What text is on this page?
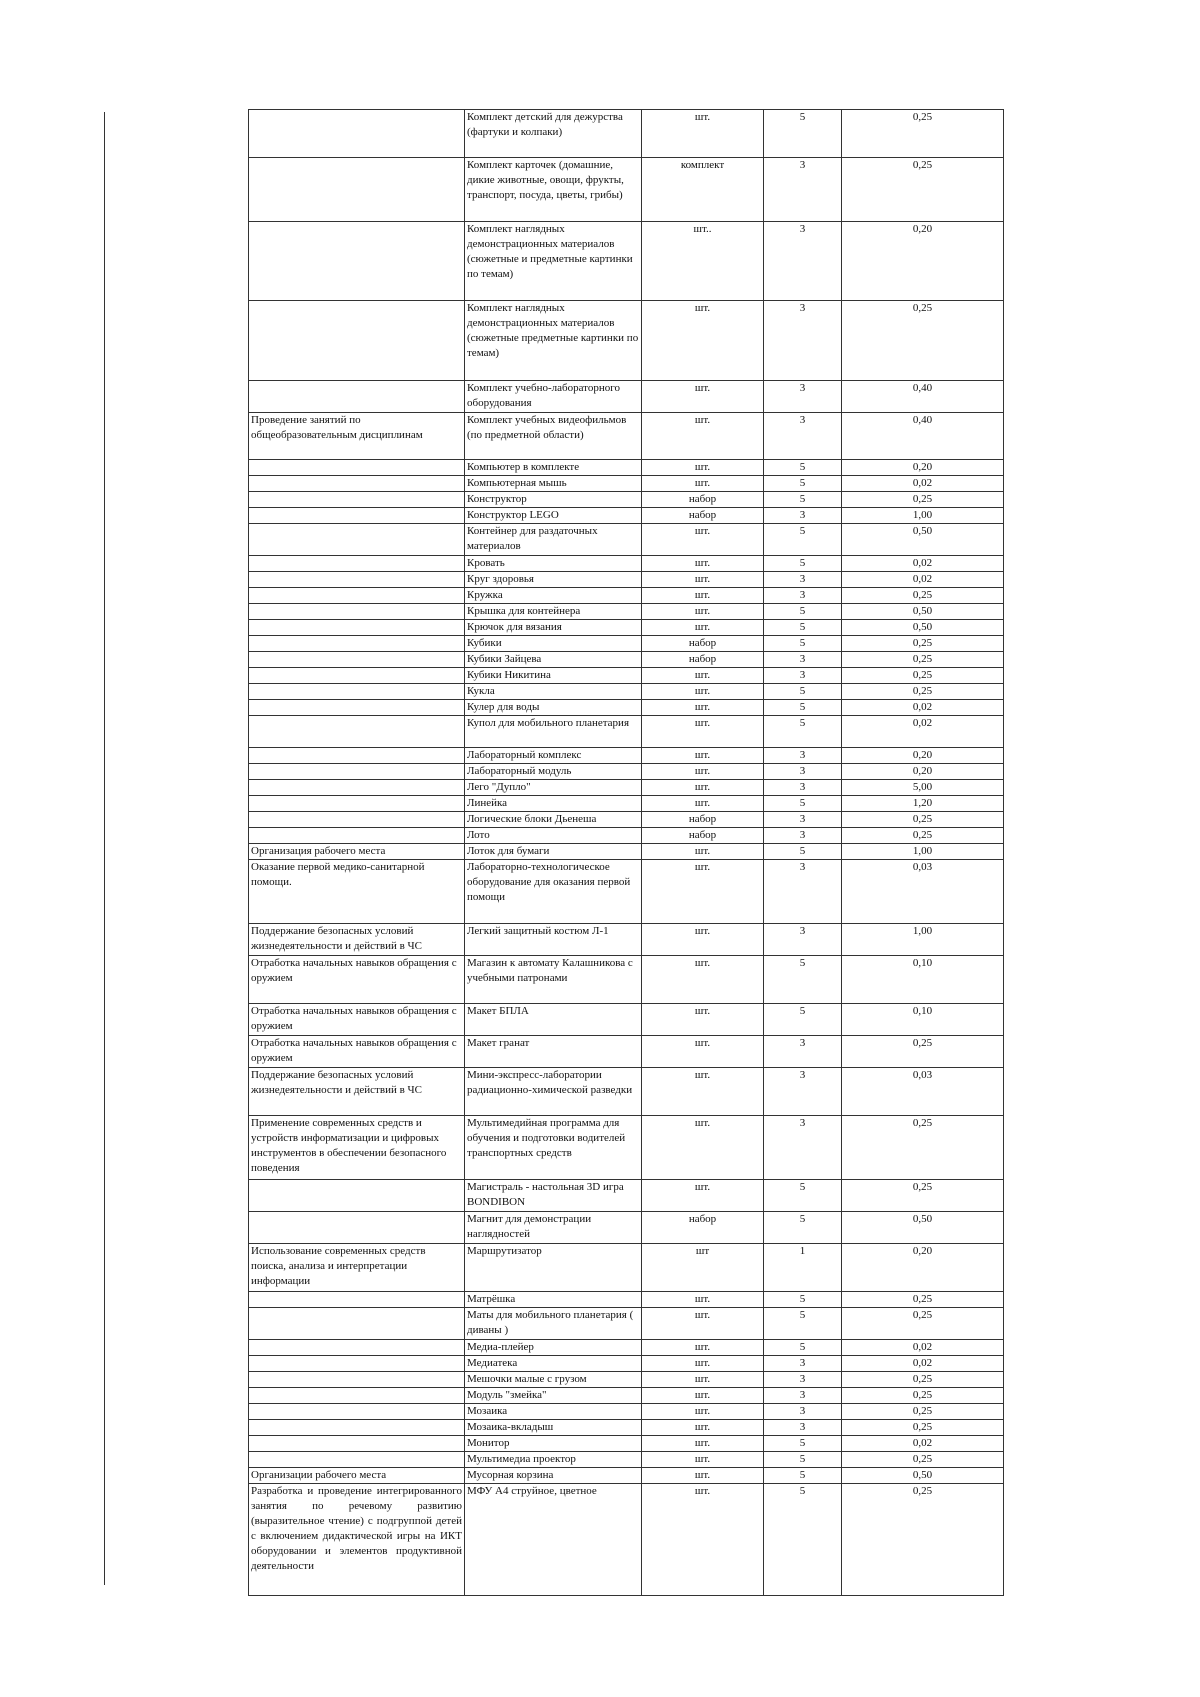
	Комплект детский для дежурства (фартуки и колпаки)	шт.	5	0,25
	Комплект карточек (домашние, дикие животные, овощи, фрукты, транспорт, посуда, цветы, грибы)	комплект	3	0,25
	Комплект наглядных демонстрационных материалов (сюжетные и предметные картинки по темам)	шт..	3	0,20
	Комплект наглядных демонстрационных материалов (сюжетные предметные картинки по темам)	шт.	3	0,25
	Комплект учебно-лабораторного оборудования	шт.	3	0,40
Проведение занятий по общеобразовательным дисциплинам	Комплект учебных видеофильмов (по предметной области)	шт.	3	0,40
	Компьютер в комплекте	шт.	5	0,20
	Компьютерная мышь	шт.	5	0,02
	Конструктор	набор	5	0,25
	Конструктор LEGO	набор	3	1,00
	Контейнер для раздаточных материалов	шт.	5	0,50
	Кровать	шт.	5	0,02
	Круг здоровья	шт.	3	0,02
	Кружка	шт.	3	0,25
	Крышка для контейнера	шт.	5	0,50
	Крючок для вязания	шт.	5	0,50
	Кубики	набор	5	0,25
	Кубики Зайцева	набор	3	0,25
	Кубики Никитина	шт.	3	0,25
	Кукла	шт.	5	0,25
	Кулер для воды	шт.	5	0,02
	Купол для мобильного планетария	шт.	5	0,02
	Лабораторный комплекс	шт.	3	0,20
	Лабораторный модуль	шт.	3	0,20
	Лего "Дупло"	шт.	3	5,00
	Линейка	шт.	5	1,20
	Логические блоки Дьенеша	набор	3	0,25
	Лото	набор	3	0,25
Организация рабочего места	Лоток для бумаги	шт.	5	1,00
Оказание первой медико-санитарной помощи.	Лабораторно-технологическое оборудование для оказания первой помощи	шт.	3	0,03
Поддержание безопасных условий жизнедеятельности и действий в ЧС	Легкий защитный костюм Л-1	шт.	3	1,00
Отработка начальных навыков обращения с оружием	Магазин к автомату Калашникова с учебными патронами	шт.	5	0,10
Отработка начальных навыков обращения с оружием	Макет БПЛА	шт.	5	0,10
Отработка начальных навыков обращения с оружием	Макет гранат	шт.	3	0,25
Поддержание безопасных условий жизнедеятельности и действий в ЧС	Мини-экспресс-лаборатории радиационно-химической разведки	шт.	3	0,03
Применение современных средств и устройств информатизации и цифровых инструментов в обеспечении безопасного поведения	Мультимедийная программа для обучения и подготовки водителей транспортных средств	шт.	3	0,25
	Магистраль - настольная 3D игра BONDIBON	шт.	5	0,25
	Магнит для демонстрации наглядностей	набор	5	0,50
Использование современных средств поиска, анализа и интерпретации информации	Маршрутизатор	шт	1	0,20
	Матрёшка	шт.	5	0,25
	Маты для мобильного планетария ( диваны )	шт.	5	0,25
	Медиа-плейер	шт.	5	0,02
	Медиатека	шт.	3	0,02
	Мешочки малые с грузом	шт.	3	0,25
	Модуль "змейка"	шт.	3	0,25
	Мозаика	шт.	3	0,25
	Мозаика-вкладыш	шт.	3	0,25
	Монитор	шт.	5	0,02
	Мультимедиа проектор	шт.	5	0,25
Организации рабочего места	Мусорная корзина	шт.	5	0,50
Разработка и проведение интегрированного занятия по речевому развитию (выразительное чтение) с подгруппой детей с включением дидактической игры на ИКТ оборудовании и элементов продуктивной деятельности	МФУ А4 струйное, цветное	шт.	5	0,25
